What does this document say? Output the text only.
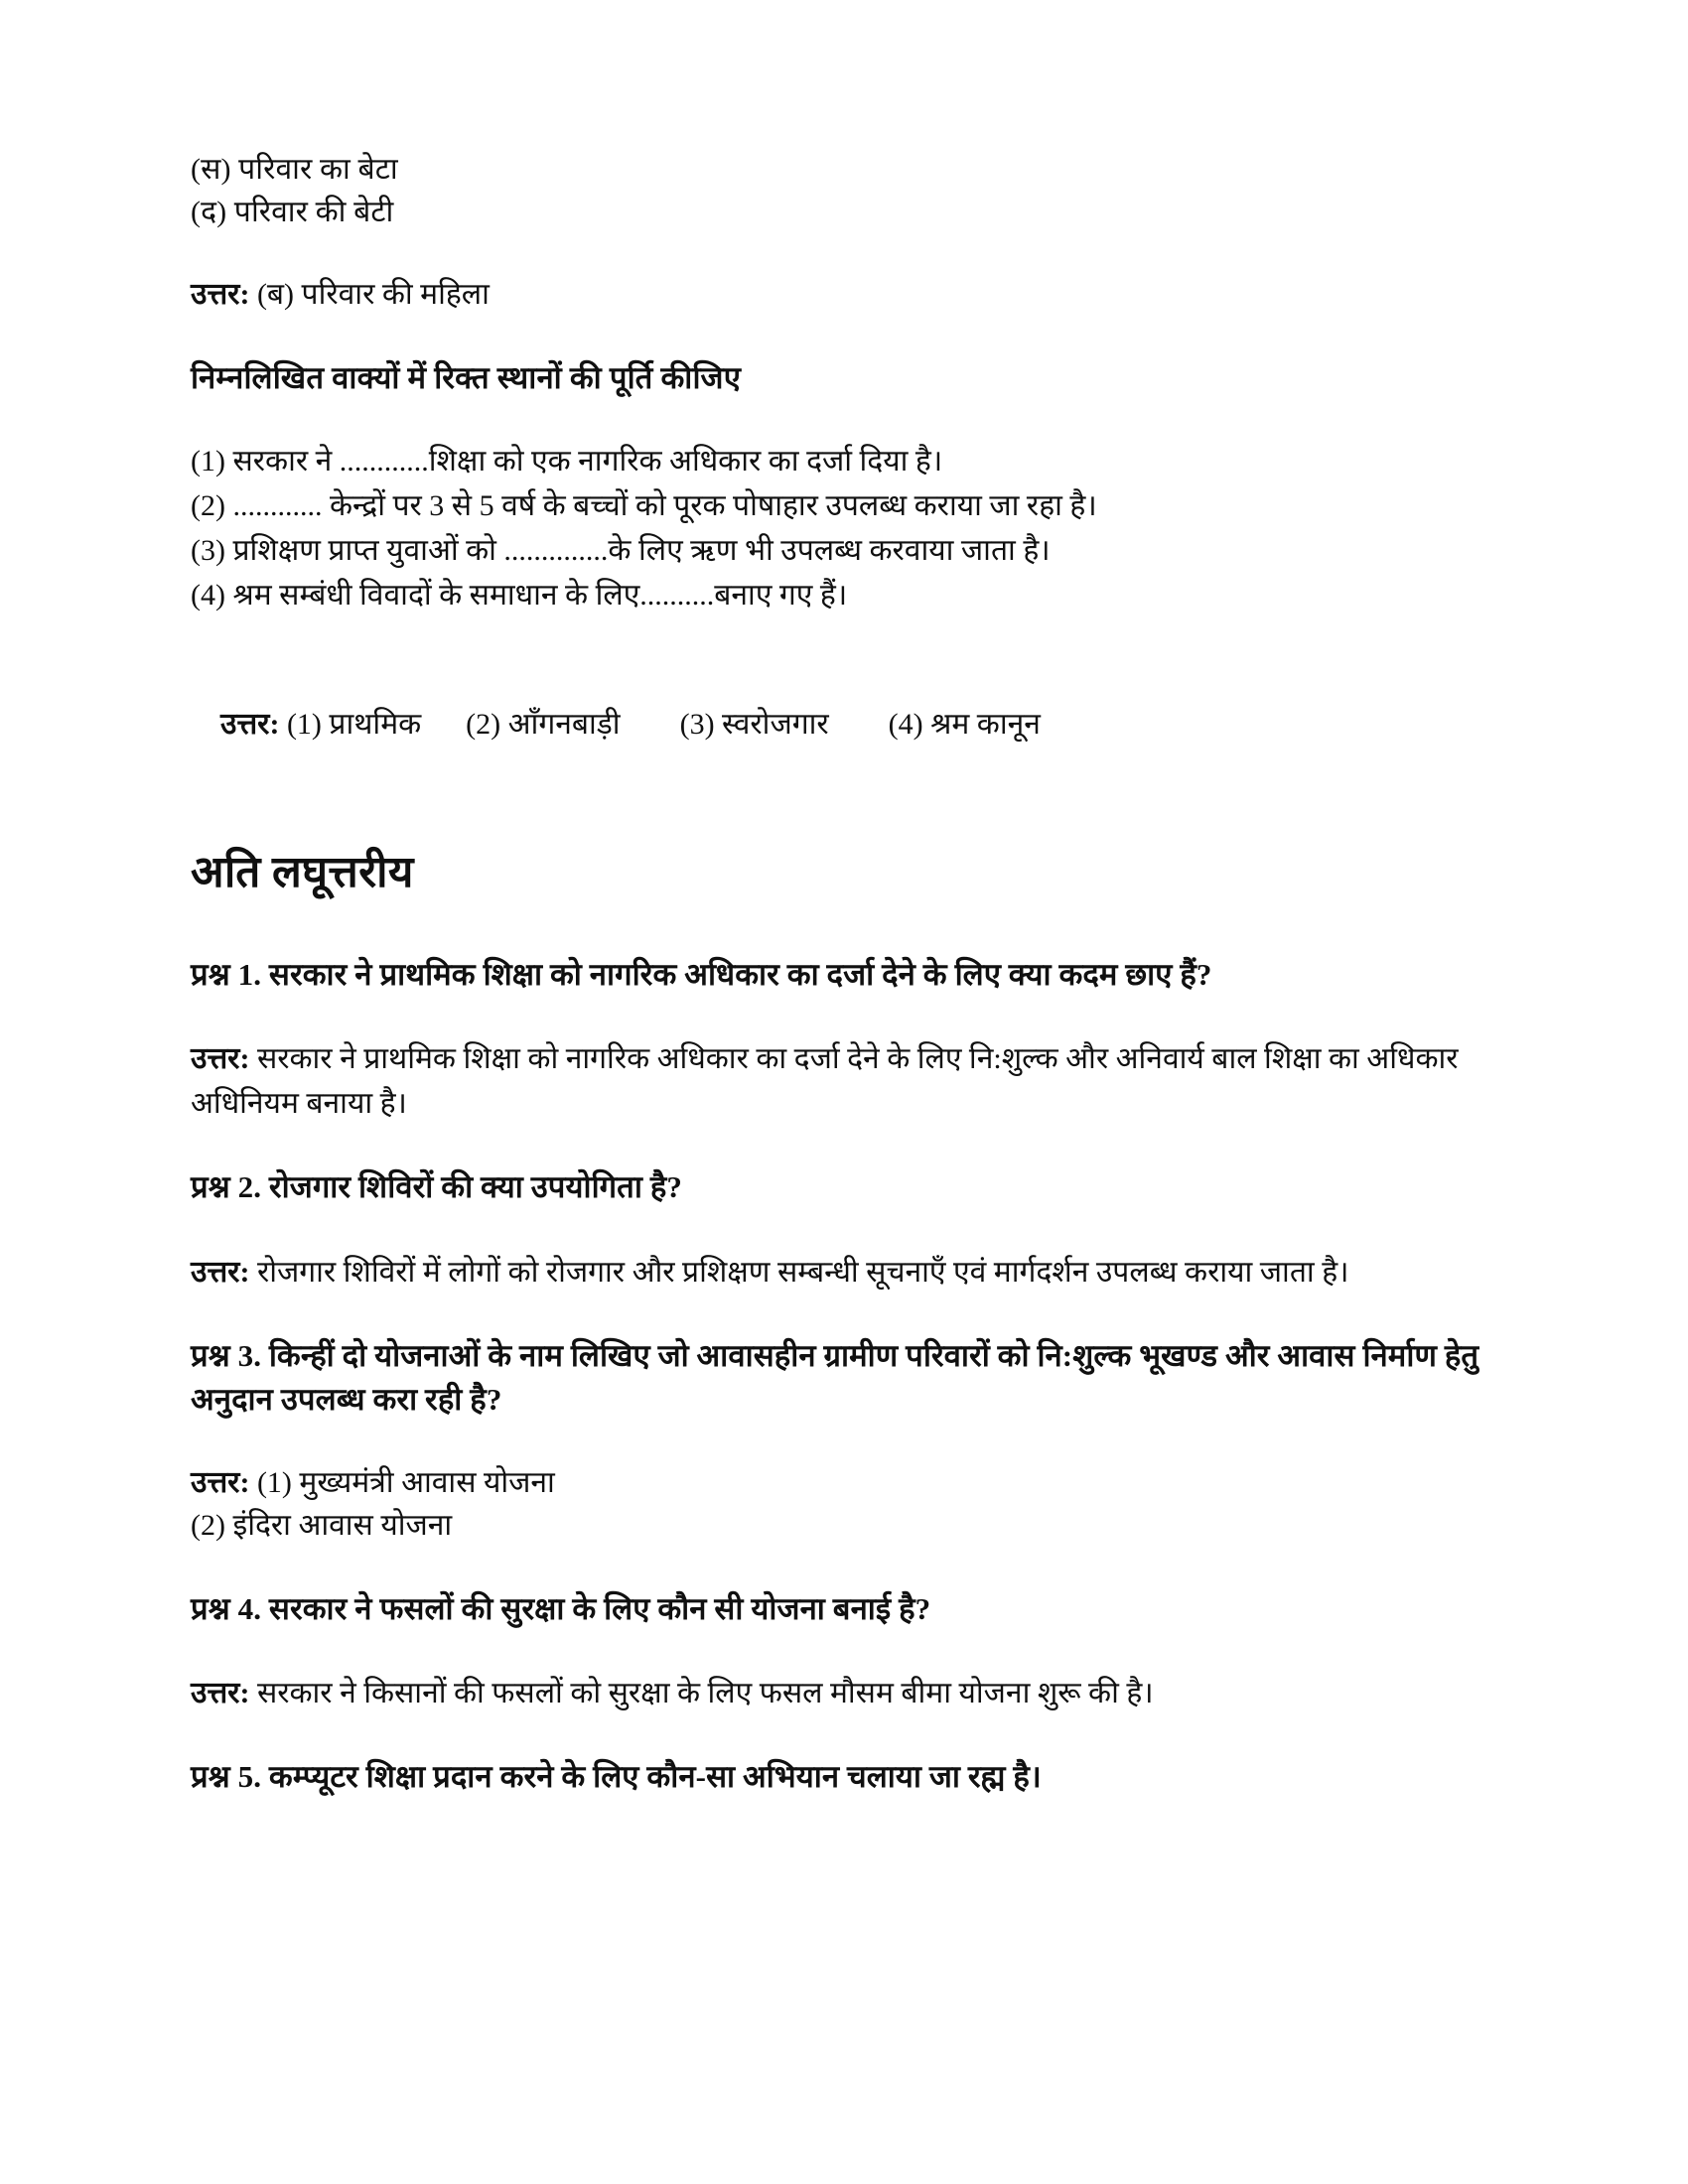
(स) परिवार का बेटा
(द) परिवार की बेटी
उत्तर: (ब) परिवार की महिला
निम्नलिखित वाक्यों में रिक्त स्थानों की पूर्ति कीजिए
(1) सरकार ने ............शिक्षा को एक नागरिक अधिकार का दर्जा दिया है।
(2) ............ केन्द्रों पर 3 से 5 वर्ष के बच्चों को पूरक पोषाहार उपलब्ध कराया जा रहा है।
(3) प्रशिक्षण प्राप्त युवाओं को ..............के लिए ऋण भी उपलब्ध करवाया जाता है।
(4) श्रम सम्बंधी विवादों के समाधान के लिए..........बनाए गए हैं।

उत्तर: (1) प्राथमिक      (2) आँगनबाड़ी        (3) स्वरोजगार        (4) श्रम कानून

अति लघूत्तरीय
प्रश्न 1. सरकार ने प्राथमिक शिक्षा को नागरिक अधिकार का दर्जा देने के लिए क्या कदम छाए हैं?
उत्तर: सरकार ने प्राथमिक शिक्षा को नागरिक अधिकार का दर्जा देने के लिए नि:शुल्क और अनिवार्य बाल शिक्षा का अधिकार अधिनियम बनाया है।
प्रश्न 2. रोजगार शिविरों की क्या उपयोगिता है?
उत्तर: रोजगार शिविरों में लोगों को रोजगार और प्रशिक्षण सम्बन्धी सूचनाएँ एवं मार्गदर्शन उपलब्ध कराया जाता है।
प्रश्न 3. किन्हीं दो योजनाओं के नाम लिखिए जो आवासहीन ग्रामीण परिवारों को नि:शुल्क भूखण्ड और आवास निर्माण हेतु अनुदान उपलब्ध करा रही है?
उत्तर: (1) मुख्यमंत्री आवास योजना
(2) इंदिरा आवास योजना
प्रश्न 4. सरकार ने फसलों की सुरक्षा के लिए कौन सी योजना बनाई है?
उत्तर: सरकार ने किसानों की फसलों को सुरक्षा के लिए फसल मौसम बीमा योजना शुरू की है।
प्रश्न 5. कम्प्यूटर शिक्षा प्रदान करने के लिए कौन-सा अभियान चलाया जा रह्म है।
